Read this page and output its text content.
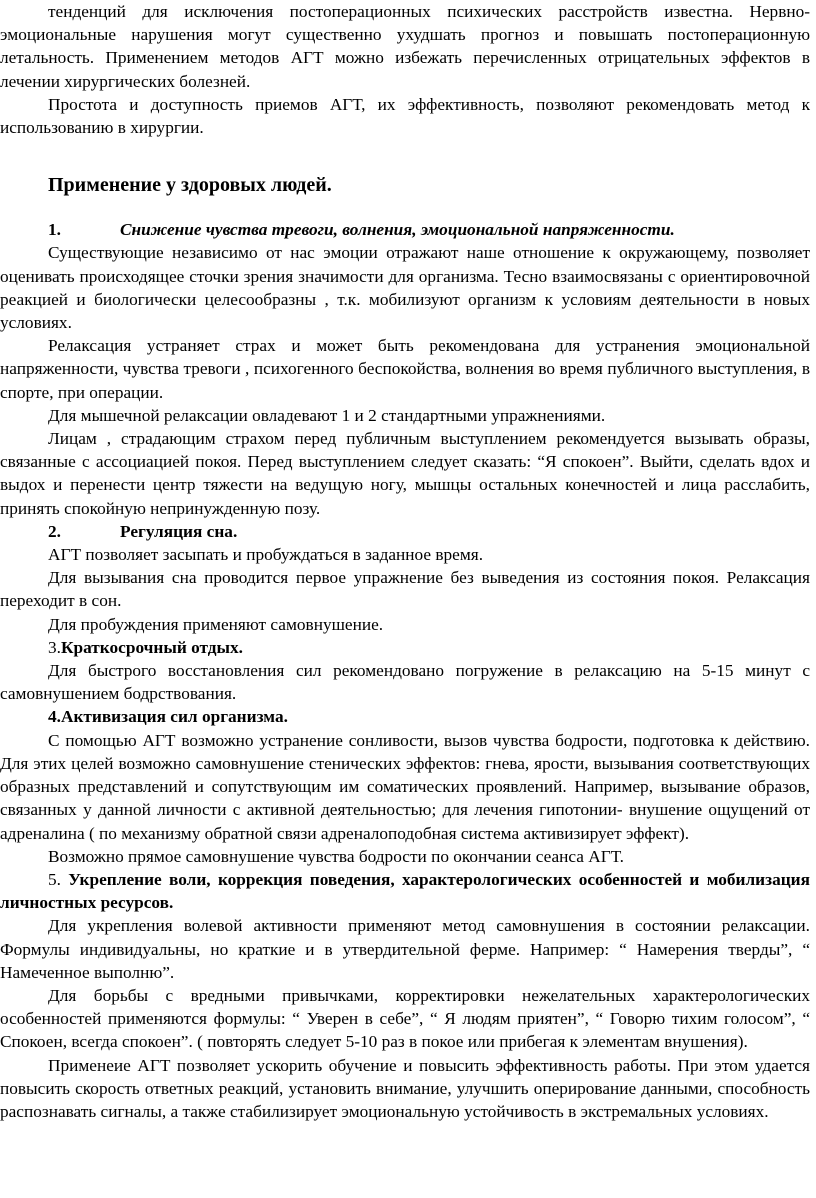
тенденций для исключения постоперационных психических расстройств известна. Нервно- эмоциональные нарушения могут существенно ухудшать прогноз и повышать постоперационную летальность. Применением методов АГТ можно избежать перечисленных отрицательных эффектов в лечении хирургических болезней.

Простота и доступность приемов АГТ, их эффективность, позволяют рекомендовать метод к использованию в хирургии.

Применение у здоровых людей.
1.	Снижение чувства тревоги, волнения, эмоциональной напряженности.

Существующие независимо от нас эмоции отражают наше отношение к окружающему, позволяет оценивать происходящее сточки зрения значимости для организма. Тесно взаимосвязаны с ориентировочной реакцией и биологически целесообразны , т.к. мобилизуют организм к условиям деятельности в новых условиях.

Релаксация устраняет страх и может быть рекомендована для устранения эмоциональной напряженности, чувства тревоги , психогенного беспокойства, волнения во время публичного выступления, в спорте, при операции.

Для мышечной релаксации овладевают 1 и 2 стандартными упражнениями.

Лицам , страдающим страхом перед публичным выступлением рекомендуется вызывать образы, связанные с ассоциацией покоя. Перед выступлением следует сказать: “Я спокоен”. Выйти, сделать вдох и выдох и перенести центр тяжести на ведущую ногу, мышцы остальных конечностей и лица расслабить, принять спокойную непринужденную позу.

2.	Регуляция сна.

АГТ позволяет засыпать и пробуждаться в заданное время.

Для вызывания сна проводится первое упражнение без выведения из состояния покоя. Релаксация переходит в сон.

Для пробуждения применяют самовнушение.

3.Краткосрочный отдых.

Для быстрого восстановления сил рекомендовано погружение в релаксацию на 5-15 минут с самовнушением бодрствования.

4.Активизация сил организма.

С помощью АГТ возможно устранение сонливости, вызов чувства бодрости, подготовка к действию. Для этих целей возможно самовнушение стенических эффектов: гнева, ярости, вызывания соответствующих образных представлений и сопутствующим им соматических проявлений. Например, вызывание образов, связанных у данной личности с активной деятельностью; для лечения гипотонии- внушение ощущений от адреналина ( по механизму обратной связи адреналоподобная система активизирует эффект).

Возможно прямое самовнушение чувства бодрости по окончании сеанса АГТ.

5. Укрепление воли, коррекция поведения, характерологических особенностей и мобилизация личностных ресурсов.

Для укрепления волевой активности применяют метод самовнушения в состоянии релаксации. Формулы индивидуальны, но краткие и в утвердительной ферме. Например: “ Намерения тверды”, “ Намеченное выполню”.

Для борьбы с вредными привычками, корректировки нежелательных характерологических особенностей применяются формулы: “ Уверен в себе”, “ Я людям приятен”, “ Говорю тихим голосом”, “ Спокоен, всегда спокоен”. ( повторять следует 5-10 раз в покое или прибегая к элементам внушения).

Применеие АГТ позволяет ускорить обучение и повысить эффективность работы. При этом удается повысить скорость ответных реакций, установить внимание, улучшить оперирование данными, способность распознавать сигналы, а также стабилизирует эмоциональную устойчивость в экстремальных условиях.
